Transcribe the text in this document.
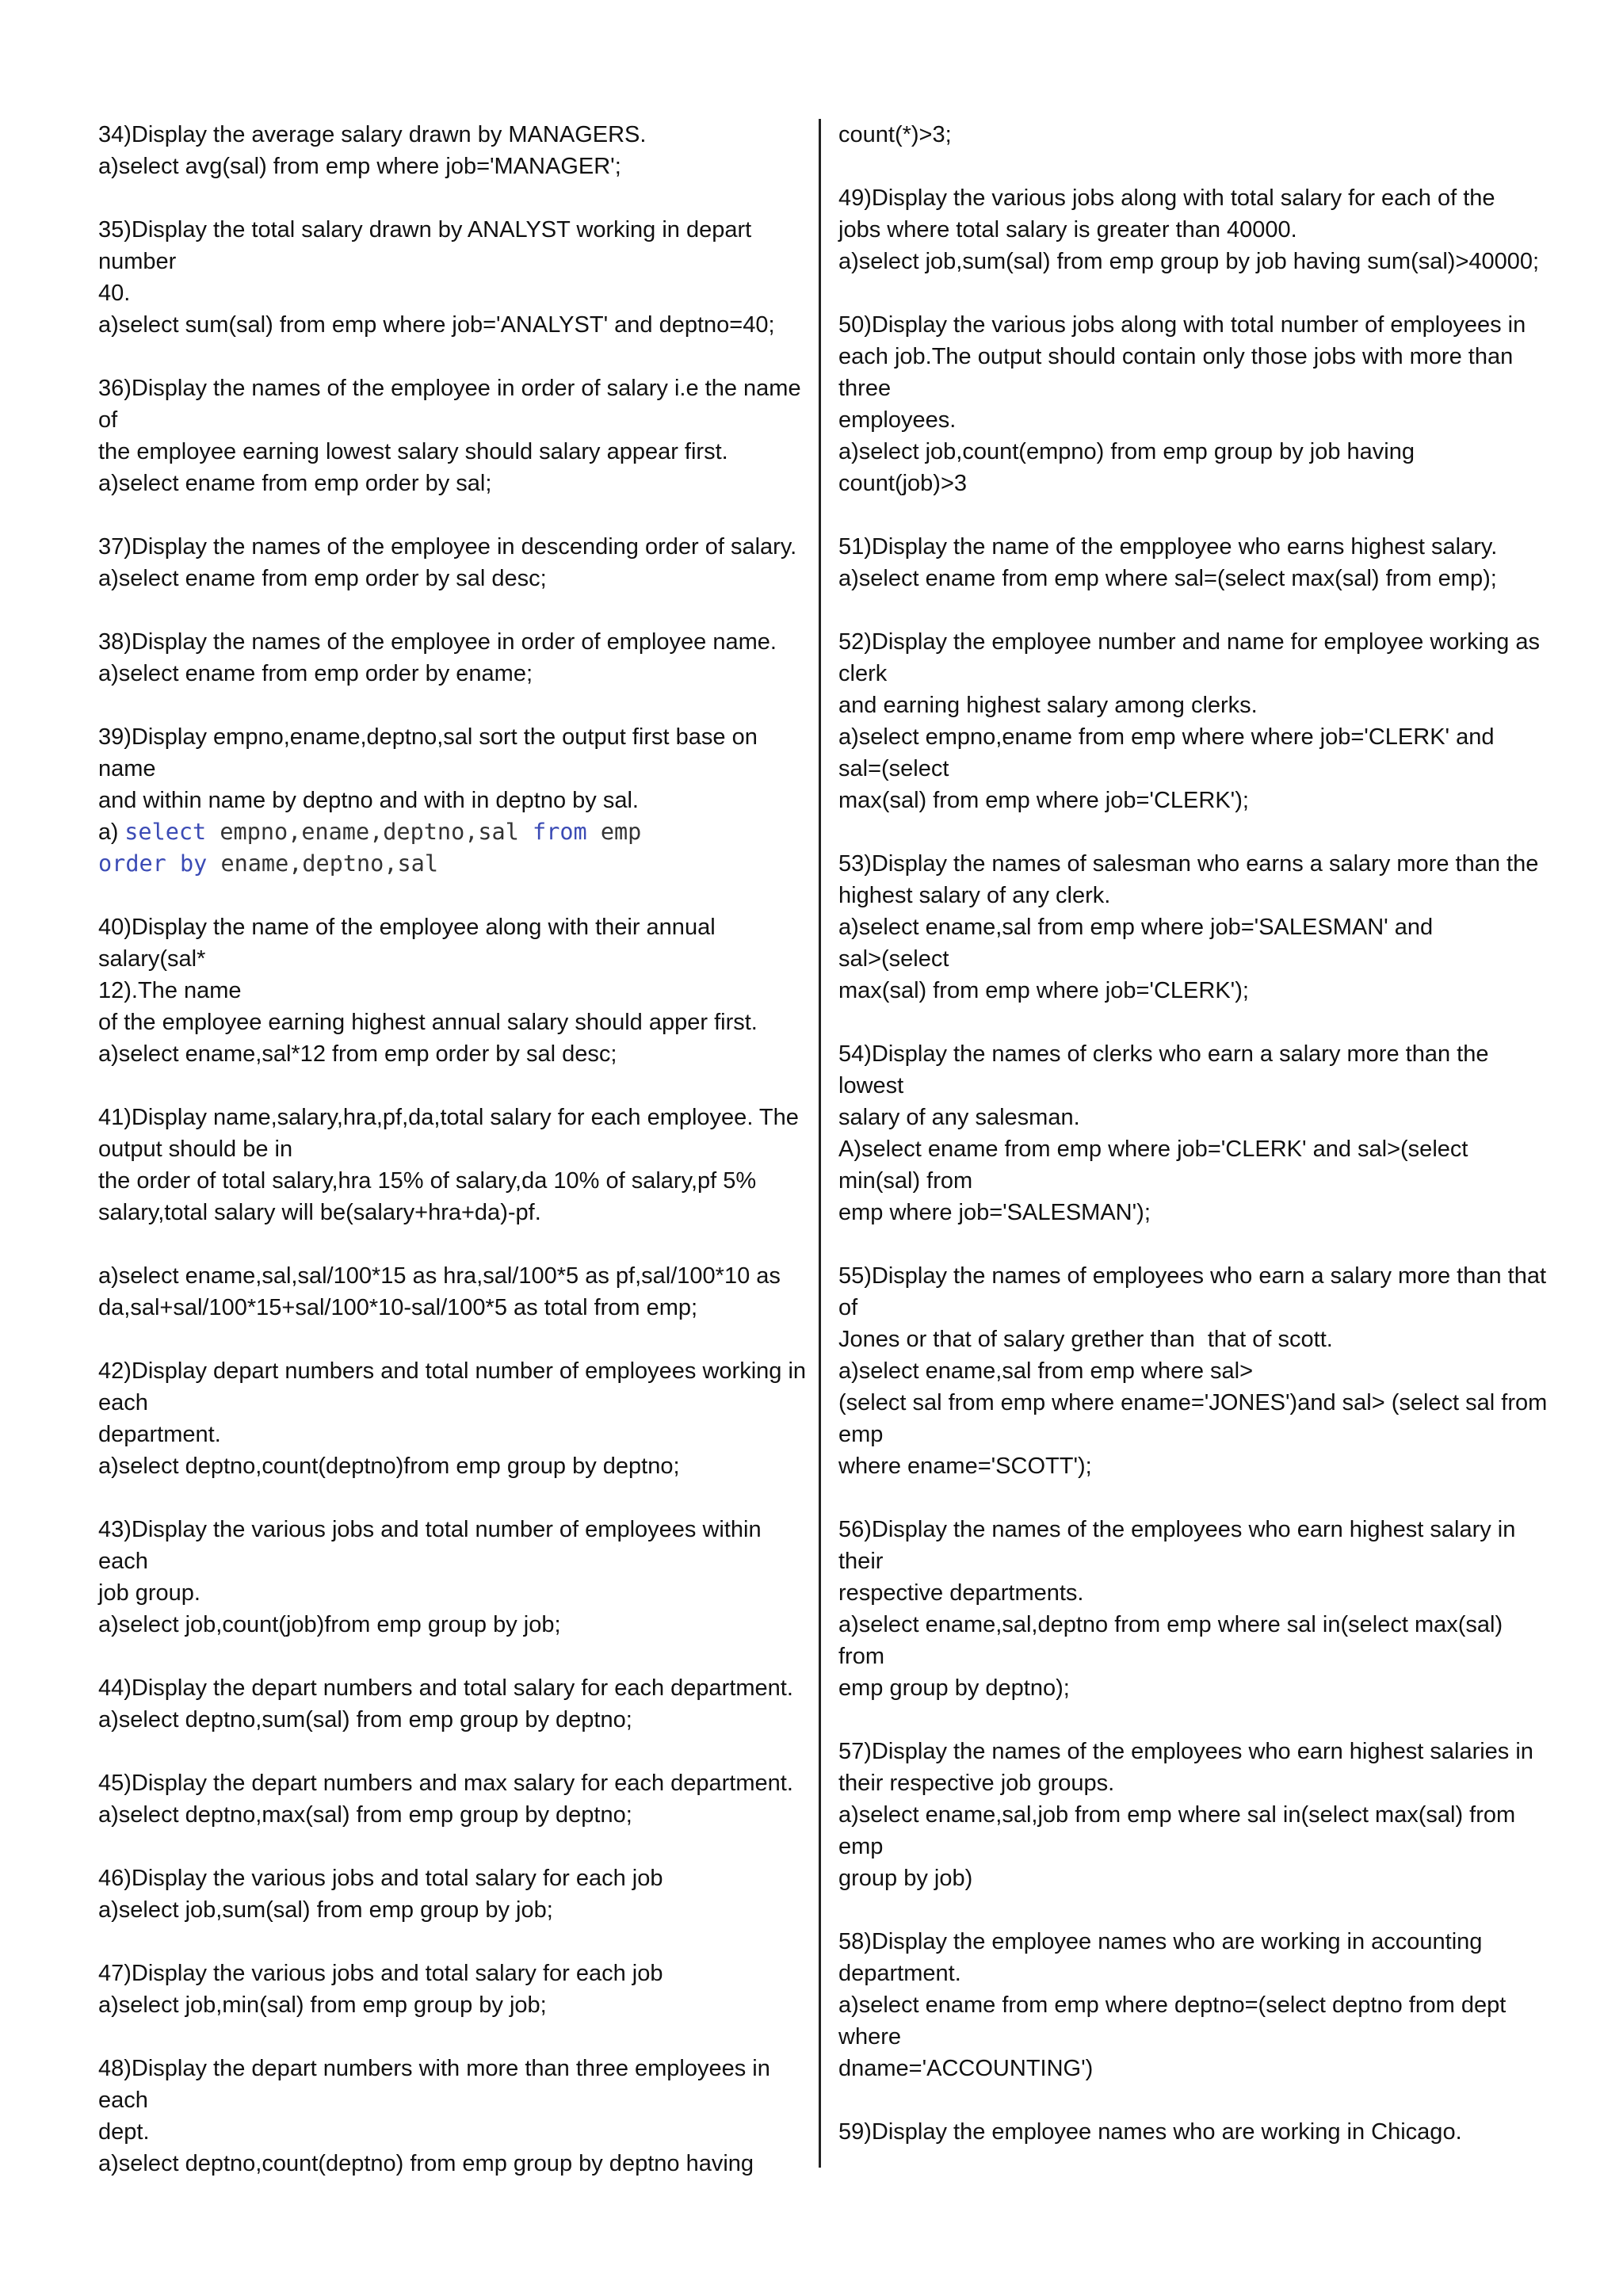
34)Display the average salary drawn by MANAGERS.
a)select avg(sal) from emp where job='MANAGER';
35)Display the total salary drawn by ANALYST working in depart
number
40.
a)select sum(sal) from emp where job='ANALYST' and deptno=40;
36)Display the names of the employee in order of salary i.e the name
of
the employee earning lowest salary should salary appear first.
a)select ename from emp order by sal;
37)Display the names of the employee in descending order of salary.
a)select ename from emp order by sal desc;
38)Display the names of the employee in order of employee name.
a)select ename from emp order by ename;
39)Display empno,ename,deptno,sal sort the output first base on
name
and within name by deptno and with in deptno by sal.
a) select empno,ename,deptno,sal from emp
order by ename,deptno,sal
40)Display the name of the employee along with their annual
salary(sal*
12).The name
of the employee earning highest annual salary should apper first.
a)select ename,sal*12 from emp order by sal desc;
41)Display name,salary,hra,pf,da,total salary for each employee. The
output should be in
the order of total salary,hra 15% of salary,da 10% of salary,pf 5%
salary,total salary will be(salary+hra+da)-pf.
a)select ename,sal,sal/100*15 as hra,sal/100*5 as pf,sal/100*10 as
da,sal+sal/100*15+sal/100*10-sal/100*5 as total from emp;
42)Display depart numbers and total number of employees working in
each
department.
a)select deptno,count(deptno)from emp group by deptno;
43)Display the various jobs and total number of employees within
each
job group.
a)select job,count(job)from emp group by job;
44)Display the depart numbers and total salary for each department.
a)select deptno,sum(sal) from emp group by deptno;
45)Display the depart numbers and max salary for each department.
a)select deptno,max(sal) from emp group by deptno;
46)Display the various jobs and total salary for each job
a)select job,sum(sal) from emp group by job;
47)Display the various jobs and total salary for each job
a)select job,min(sal) from emp group by job;
48)Display the depart numbers with more than three employees in
each
dept.
a)select deptno,count(deptno) from emp group by deptno having
count(*)>3;
49)Display the various jobs along with total salary for each of the
jobs where total salary is greater than 40000.
a)select job,sum(sal) from emp group by job having sum(sal)>40000;
50)Display the various jobs along with total number of employees in
each job.The output should contain only those jobs with more than
three
employees.
a)select job,count(empno) from emp group by job having
count(job)>3
51)Display the name of the empployee who earns highest salary.
a)select ename from emp where sal=(select max(sal) from emp);
52)Display the employee number and name for employee working as
clerk
and earning highest salary among clerks.
a)select empno,ename from emp where where job='CLERK' and
sal=(select
max(sal) from emp where job='CLERK');
53)Display the names of salesman who earns a salary more than the
highest salary of any clerk.
a)select ename,sal from emp where job='SALESMAN' and
sal>(select
max(sal) from emp where job='CLERK');
54)Display the names of clerks who earn a salary more than the
lowest
salary of any salesman.
A)select ename from emp where job='CLERK' and sal>(select
min(sal) from
emp where job='SALESMAN');
55)Display the names of employees who earn a salary more than that
of
Jones or that of salary grether than  that of scott.
a)select ename,sal from emp where sal>
(select sal from emp where ename='JONES')and sal> (select sal from
emp
where ename='SCOTT');
56)Display the names of the employees who earn highest salary in
their
respective departments.
a)select ename,sal,deptno from emp where sal in(select max(sal)
from
emp group by deptno);
57)Display the names of the employees who earn highest salaries in
their respective job groups.
a)select ename,sal,job from emp where sal in(select max(sal) from
emp
group by job)
58)Display the employee names who are working in accounting
department.
a)select ename from emp where deptno=(select deptno from dept
where
dname='ACCOUNTING')
59)Display the employee names who are working in Chicago.
